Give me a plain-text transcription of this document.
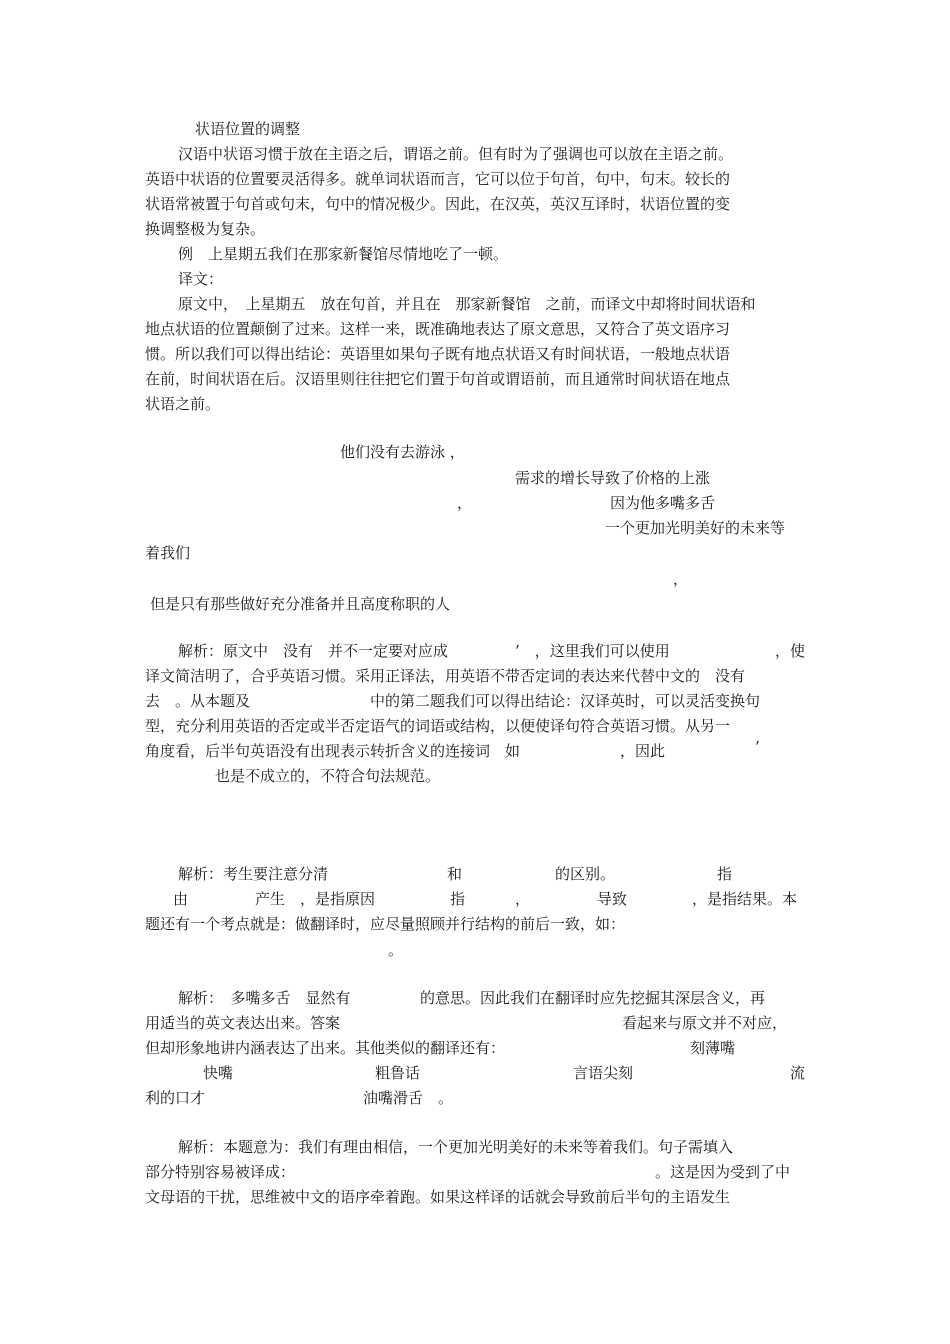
状语位置的调整
汉语中状语习惯于放在主语之后，谓语之前。但有时为了强调也可以放在主语之前。
英语中状语的位置要灵活得多。就单词状语而言，它可以位于句首，句中，句末。较长的
状语常被置于句首或句末，句中的情况极少。因此，在汉英，英汉互译时，状语位置的变
换调整极为复杂。
例　上星期五我们在那家新餐馆尽情地吃了一顿。
译文：
原文中，　上星期五　放在句首，并且在　那家新餐馆　之前，而译文中却将时间状语和
地点状语的位置颠倒了过来。这样一来，既准确地表达了原文意思，又符合了英文语序习
惯。所以我们可以得出结论：英语里如果句子既有地点状语又有时间状语，一般地点状语
在前，时间状语在后。汉语里则往往把它们置于句首或谓语前，而且通常时间状语在地点
状语之前。
他们没有去游泳 ，
需求的增长导致了价格的上涨
，	因为他多嘴多舌
一个更加光明美好的未来等
着我们
，
但是只有那些做好充分准备并且高度称职的人
解析：原文中　没有　并不一定要对应成	’　，这里我们可以使用	，使
译文简洁明了，合乎英语习惯。采用正译法，用英语不带否定词的表达来代替中文的　没有
去　。从本题及	中的第二题我们可以得出结论：汉译英时，可以灵活变换句
型，充分利用英语的否定或半否定语气的词语或结构，以便使译句符合英语习惯。从另一
角度看，后半句英语没有出现表示转折含义的连接词　如	，因此	’
也是不成立的，不符合句法规范。
解析：考生要注意分清	和	的区别。	指
由	产生　，是指原因	指	，	导致	，是指结果。本
题还有一个考点就是：做翻译时，应尽量照顾并行结构的前后一致，如：
。
解析：　多嘴多舌　显然有	的意思。因此我们在翻译时应先挖掘其深层含义，再
用适当的英文表达出来。答案	看起来与原文并不对应，
但却形象地讲内涵表达了出来。其他类似的翻译还有：	刻薄嘴
快嘴	粗鲁话	言语尖刻	流
利的口才	油嘴滑舌　。
解析：本题意为：我们有理由相信，一个更加光明美好的未来等着我们。句子需填入
部分特别容易被译成：	。这是因为受到了中
文母语的干扰，思维被中文的语序牵着跑。如果这样译的话就会导致前后半句的主语发生
